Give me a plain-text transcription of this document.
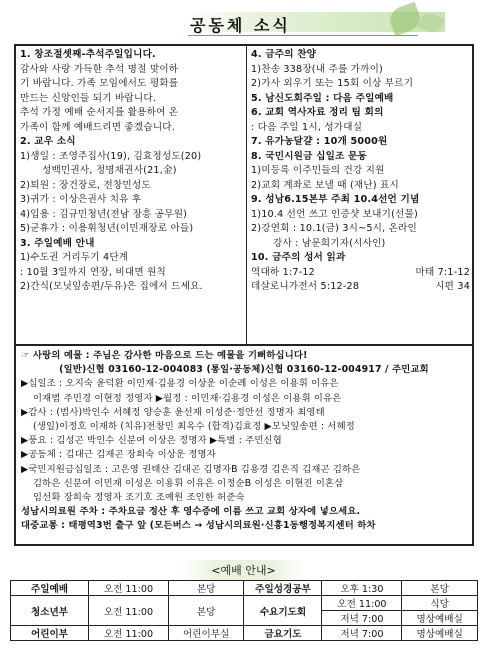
공동체 소식
1. 창조절셋째-추석주일입니다.
감사와 사랑 가득한 추석 명절 맞이하
기 바랍니다. 가족 모임에서도 평화를
만드는 신앙인들 되기 바랍니다.
추석 가정 예배 순서지를 활용하여 온
가족이 함께 예배드리면 좋겠습니다.
2. 교우 소식
1)생일 : 조영주집사(19), 김효정성도(20)
성백민권사, 정명채권사(21,金)
2)퇴원 : 장건장로, 전창민성도
3)귀가 : 이상은권사 치유 후
4)입용 : 김규민청년(전남 장흥 공무원)
5)군휴가 : 이용휘청년(이민재장로 아들)
3. 주일예배 안내
1)수도권 거리두기 4단계
: 10월 3일까지 연장, 비대면 원칙
2)간식(모닛잎송편/두유)은 집에서 드세요.
4. 금주의 찬양
1)찬송 338장(내 주를 가까이)
2)가사 외우기 또는 15회 이상 부르기
5. 남신도회주일 : 다음 주일예배
6. 교회 역사자료 정리 팀 회의
: 다음 주일 1시, 성가대실
7. 유가농달걀 : 10개 5000원
8. 국민시원금 십일조 문동
1)미등록 이주민들의 건강 지원
2)교회 계좌로 보낼 때 (재난) 표시
9. 성남6.15본부 주최 10.4선언 기념
1)10.4 선언 쓰고 인증샷 보내기(선물)
2)강연회 : 10.1(금) 3시~5시, 온라인
강사 : 남문희기자(시사인)
10. 금주의 성서 읽과
역대하 1:7-12	마태 7:1-12
데살로니가전서 5:12-28	시편 34
☞ 사랑의 예물 : 주님은 감사한 마음으로 드는 예물을 기뻐하십니다!
(일반)신협 03160-12-004083 (통일·공동체)신협 03160-12-004917 / 주민교회
▶십일조 : 오지숙 윤덕환 이민재·김용경 이상운 이순례 이성은 이용휘 이유은
이재범 주민경 이현정 정영자 ▶월정 : 이민재·김용경 이성은 이용휘 이유은
▶감사 : (범사)박인수 서혜정 양승훈 윤선재 이성준·정안선 정명자 최영태
(생일)이정호 이재하 (치유)전창민 최옥수 (합격)김효정 ▶모닛잎송편 : 서혜정
▶풍요 : 김성곤 박인수 신분여 이상은 정명자 ▶특별 : 주민신협
▶공동체 : 김대근 김재곤 장희숙 이상운 정명자
▶국민지원금십일조 : 고은영 권태산 김대곤 김명자B 김용경 김은직 김재곤 김하은
김하은 신분여 이민재 이성은 이용휘 이유은 이정순B 이성은 이현진 이혼삼
임선화 장희숙 정영자 조기호 조예원 조인한 허준숙
성남시의료원 주차 : 주차요금 정산 후 영수증에 이름 쓰고 교회 상자에 넣으세요.
대중교통 : 태평역3번 출구 앞 (모든버스 → 성남시의료원·신흥1동행정복지센터 하차
<예배 안내>
주일예배	오전 11:00	본당	주일성경공부	오후 1:30	본당
청소년부	오전 11:00	본당	수요기도회	오전 11:00	식당
				저녁 7:00	명상예배실
어린이부	오전 11:00	어린이부실	금요기도	저녁 7:00	명상예배실
